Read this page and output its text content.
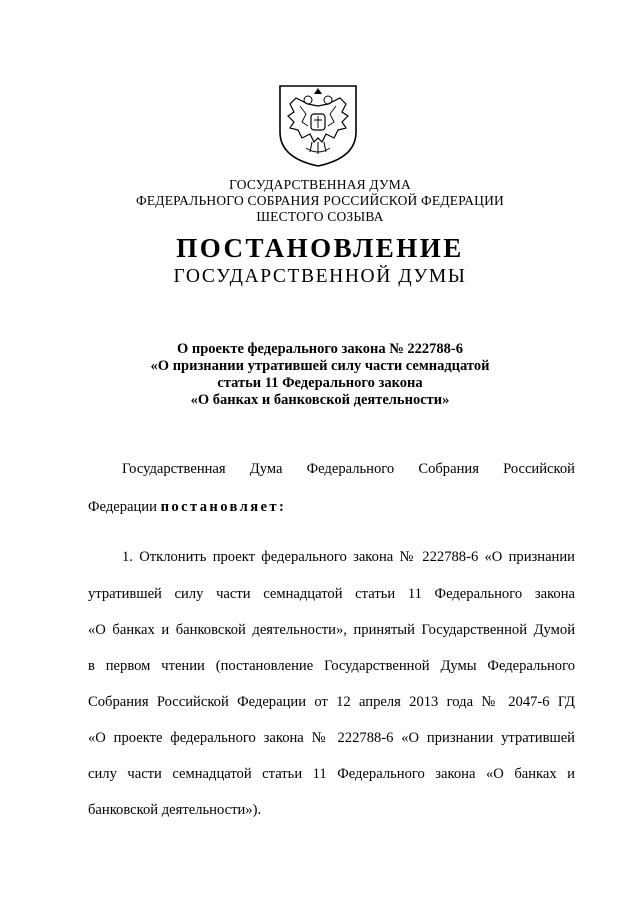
ГОСУДАРСТВЕННАЯ ДУМА
ФЕДЕРАЛЬНОГО СОБРАНИЯ РОССИЙСКОЙ ФЕДЕРАЦИИ
ШЕСТОГО СОЗЫВА
ПОСТАНОВЛЕНИЕ
ГОСУДАРСТВЕННОЙ ДУМЫ
О проекте федерального закона № 222788-6
«О признании утратившей силу части семнадцатой
статьи 11 Федерального закона
«О банках и банковской деятельности»
Государственная Дума Федерального Собрания Российской
Федерации постановляет:
1. Отклонить проект федерального закона № 222788-6 «О признании
утратившей силу части семнадцатой статьи 11 Федерального закона
«О банках и банковской деятельности», принятый Государственной Думой
в первом чтении (постановление Государственной Думы Федерального
Собрания Российской Федерации от 12 апреля 2013 года № 2047-6 ГД
«О проекте федерального закона № 222788-6 «О признании утратившей
силу части семнадцатой статьи 11 Федерального закона «О банках и
банковской деятельности»).
